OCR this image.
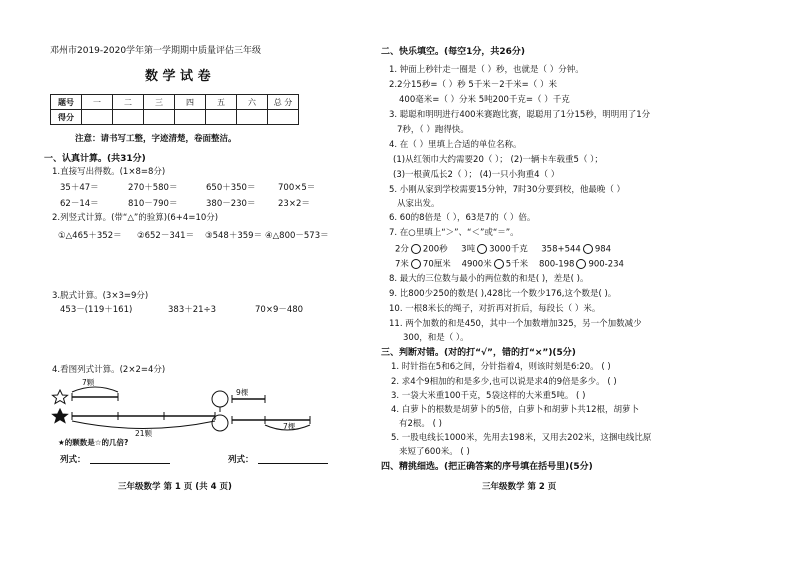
邓州市2019-2020学年第一学期期中质量评估三年级
数 学 试 卷
题号	一	二	三	四	五	六	总 分
得分							
注意：请书写工整，字迹清楚，卷面整洁。
一、认真计算。(共31分)
1.直接写出得数。(1×8=8分)
35＋47＝	270＋580＝	650＋350＝	700×5＝
62－14＝	810－790＝	380－230＝	23×2＝
2.列竖式计算。(带“△”的验算)(6+4=10分)
①△465＋352＝ ②652－341＝ ③548＋359＝ ④△800－573＝
3.脱式计算。(3×3=9分)
453－(119＋161)	383＋21÷3	70×9－480
4.看图列式计算。(2×2=4分)
7颗
21颗
★的颗数是☆的几倍?
9棵
7棵
列式：	列式：
三年级数学 第 1 页 (共 4 页)
二、快乐填空。(每空1分，共26分)
1. 钟面上秒针走一圈是（ ）秒，也就是（ ）分钟。
2.2分15秒=（ ）秒 5千米－2千米=（ ）米
400毫米=（ ）分米 5吨200千克=（ ）千克
3. 聪聪和明明进行400米赛跑比赛，聪聪用了1分15秒，明明用了1分
7秒，（ ）跑得快。
4. 在（ ）里填上合适的单位名称。
(1)从红领巾大约需要20（ ）； (2)一辆卡车载重5（ ）；
(3)一根黄瓜长2（ ）； (4)一只小狗重4（ ）
5. 小刚从家到学校需要15分钟，7时30分要到校，他最晚（ ）
从家出发。
6. 60的8倍是（ ），63是7的（ ）倍。
7. 在○里填上“＞”、“＜”或“＝”。
2分 200秒 3吨 3000千克 358+544 984
7米 70厘米 4900米 5千米 800-198 900-234
8. 最大的三位数与最小的两位数的和是( )，差是( )。
9. 比800少250的数是( ),428比一个数少176,这个数是( )。
10. 一根8米长的绳子，对折再对折后，每段长（ ）米。
11. 两个加数的和是450，其中一个加数增加325，另一个加数减少
300，和是（ ）。
三、判断对错。(对的打“√”，错的打“×”)(5分)
1. 时针指在5和6之间，分针指着4，则该时刻是6:20。 ( )
2. 求4个9相加的和是多少,也可以说是求4的9倍是多少。 ( )
3. 一袋大米重100千克，5袋这样的大米重5吨。 ( )
4. 白萝卜的根数是胡萝卜的5倍，白萝卜和胡萝卜共12根，胡萝卜
有2根。 ( )
5. 一股电线长1000米，先用去198米，又用去202米，这捆电线比原
来短了600米。 ( )
四、精挑细选。(把正确答案的序号填在括号里)(5分)
三年级数学 第 2 页
